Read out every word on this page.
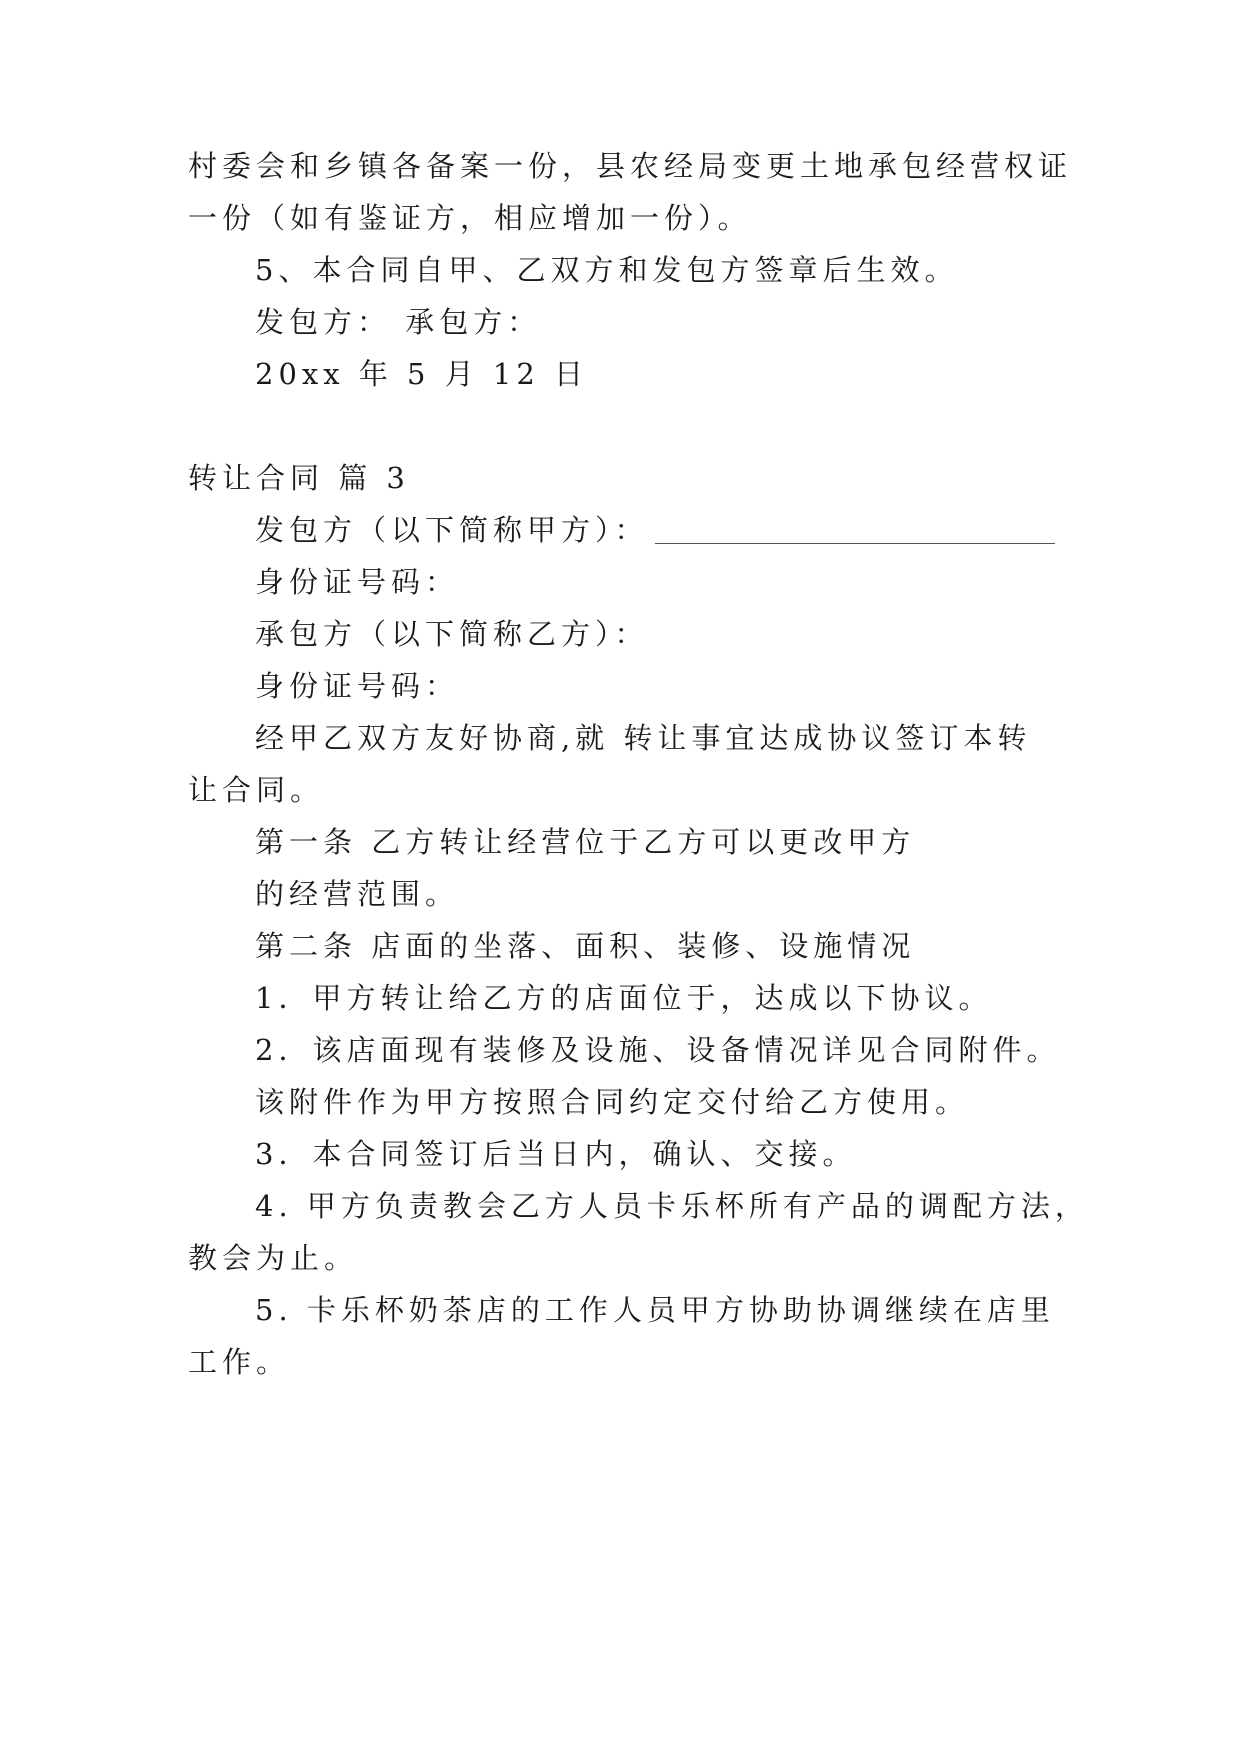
村委会和乡镇各备案一份，县农经局变更土地承包经营权证
一份（如有鉴证方，相应增加一份）。
5、本合同自甲、乙双方和发包方签章后生效。
发包方： 承包方：
20xx 年 5 月 12 日
转让合同 篇 3
发包方（以下简称甲方）：
身份证号码：
承包方（以下简称乙方）：
身份证号码：
经甲乙双方友好协商,就 转让事宜达成协议签订本转
让合同。
第一条 乙方转让经营位于乙方可以更改甲方
的经营范围。
第二条 店面的坐落、面积、装修、设施情况
1．甲方转让给乙方的店面位于，达成以下协议。
2．该店面现有装修及设施、设备情况详见合同附件。
该附件作为甲方按照合同约定交付给乙方使用。
3．本合同签订后当日内，确认、交接。
4. 甲方负责教会乙方人员卡乐杯所有产品的调配方法，
教会为止。
5. 卡乐杯奶茶店的工作人员甲方协助协调继续在店里
工作。
